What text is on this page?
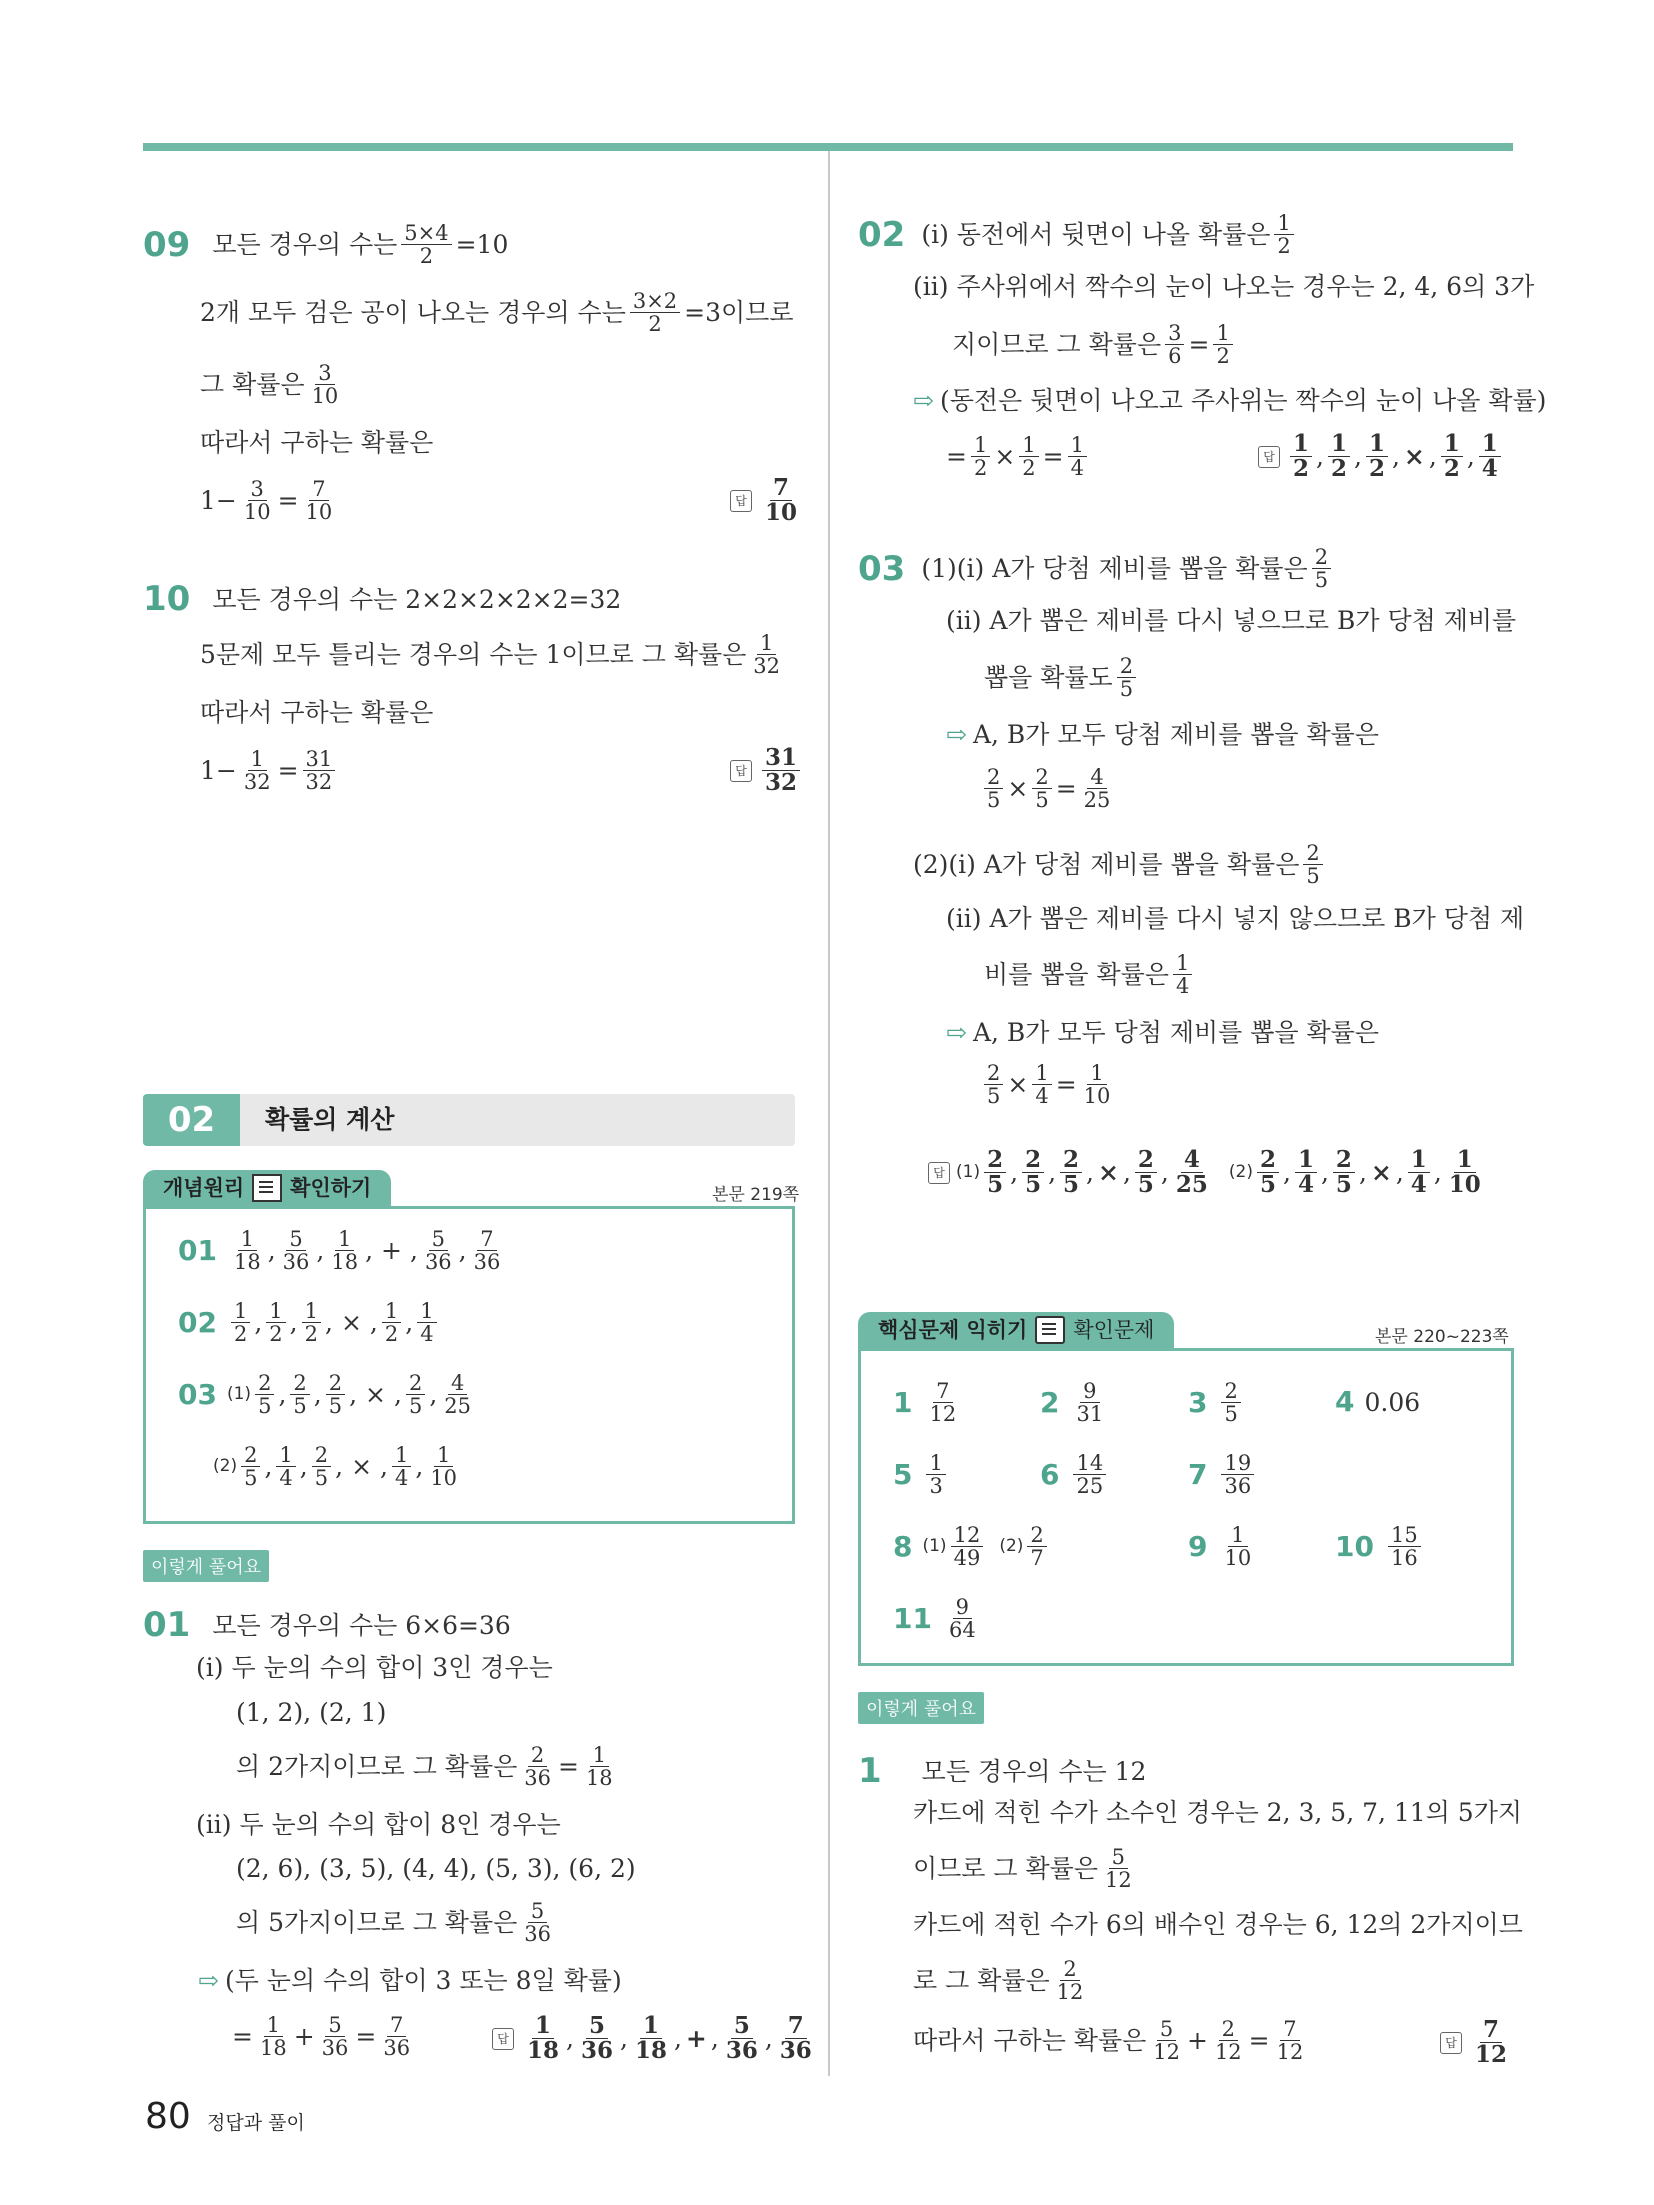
09 모든 경우의 수는 $\frac{5\times 4}{2} =10$
2개 모두 검은 공이 나오는 경우의 수는 $\frac{3\times 2}{2} =3$이므로
그 확률은 $\frac{3}{10}$
따라서 구하는 확률은
$1- \frac{3}{10} = \frac{7}{10}$	답 $\frac{7}{10}$
10 모든 경우의 수는 2×2×2×2×2=32
5문제 모두 틀리는 경우의 수는 1이므로 그 확률은 $\frac{1}{32}$
따라서 구하는 확률은
$1- \frac{1}{32} = \frac{31}{32}$	답 $\frac{31}{32}$
02	확률의 계산
개념원리 확인하기	본문 219쪽
$01 \frac{1}{18}$ , $\frac{5}{36}$ , $\frac{1}{18}$ , + , $\frac{5}{36}$ , $\frac{7}{36}$
$02 \frac{1}{2}$ , $\frac{1}{2}$ , $\frac{1}{2}$ , × , $\frac{1}{2}$ , $\frac{1}{4}$
03 $(1) \frac{2}{5}$ , $\frac{2}{5}$ , $\frac{2}{5}$ , × , $\frac{2}{5}$ , $\frac{4}{25}$
$(2) \frac{2}{5}$ , $\frac{1}{4}$ , $\frac{2}{5}$ , × , $\frac{1}{4}$ , $\frac{1}{10}$
이렇게 풀어요
01 모든 경우의 수는 6×6=36
(ⅰ) 두 눈의 수의 합이 3인 경우는
(1, 2), (2, 1)
의 2가지이므로 그 확률은 $\frac{2}{36} = \frac{1}{18}$
(ⅱ) 두 눈의 수의 합이 8인 경우는
(2, 6), (3, 5), (4, 4), (5, 3), (6, 2)
의 5가지이므로 그 확률은 $\frac{5}{36}$
⇨ (두 눈의 수의 합이 3 또는 8일 확률)
= $\frac{1}{18} + \frac{5}{36} = \frac{7}{36}$	답 $\frac{1}{18}$ , $\frac{5}{36}$ , $\frac{1}{18}$ , + , $\frac{5}{36}$ , $\frac{7}{36}$
02 (ⅰ) 동전에서 뒷면이 나올 확률은 $\frac{1}{2}$
(ⅱ) 주사위에서 짝수의 눈이 나오는 경우는 2, 4, 6의 3가
지이므로 그 확률은 $\frac{3}{6} = \frac{1}{2}$
⇨ (동전은 뒷면이 나오고 주사위는 짝수의 눈이 나올 확률)
= $\frac{1}{2} \times \frac{1}{2} = \frac{1}{4}$	답 $\frac{1}{2}$ , $\frac{1}{2}$ , $\frac{1}{2}$ , × , $\frac{1}{2}$ , $\frac{1}{4}$
03 (1)(ⅰ) A가 당첨 제비를 뽑을 확률은 $\frac{2}{5}$
(ⅱ) A가 뽑은 제비를 다시 넣으므로 B가 당첨 제비를
뽑을 확률도 $\frac{2}{5}$
⇨ A, B가 모두 당첨 제비를 뽑을 확률은
$\frac{2}{5} \times \frac{2}{5} = \frac{4}{25}$
(2)(ⅰ) A가 당첨 제비를 뽑을 확률은 $\frac{2}{5}$
(ⅱ) A가 뽑은 제비를 다시 넣지 않으므로 B가 당첨 제
비를 뽑을 확률은 $\frac{1}{4}$
⇨ A, B가 모두 당첨 제비를 뽑을 확률은
$\frac{2}{5} \times \frac{1}{4} = \frac{1}{10}$
답 $(1) \frac{2}{5}$ , $\frac{2}{5}$ , $\frac{2}{5}$ , × , $\frac{2}{5}$ , $\frac{4}{25} (2) \frac{2}{5}$ , $\frac{1}{4}$ , $\frac{2}{5}$ , × , $\frac{1}{4}$ , $\frac{1}{10}$
핵심문제 익히기 확인문제	본문 220~223쪽
$1 \frac{7}{12}$	$2 \frac{9}{31}$	$3 \frac{2}{5}$	4 0.06
$5 \frac{1}{3}$	$6 \frac{14}{25}$	$7 \frac{19}{36}$
8 $(1) \frac{12}{49} (2) \frac{2}{7}$	$9 \frac{1}{10}$	$10 \frac{15}{16}$
$11 \frac{9}{64}$
이렇게 풀어요
1 모든 경우의 수는 12
카드에 적힌 수가 소수인 경우는 2, 3, 5, 7, 11의 5가지
이므로 그 확률은 $\frac{5}{12}$
카드에 적힌 수가 6의 배수인 경우는 6, 12의 2가지이므
로 그 확률은 $\frac{2}{12}$
따라서 구하는 확률은 $\frac{5}{12} + \frac{2}{12} = \frac{7}{12}$	답 $\frac{7}{12}$
80 정답과 풀이
